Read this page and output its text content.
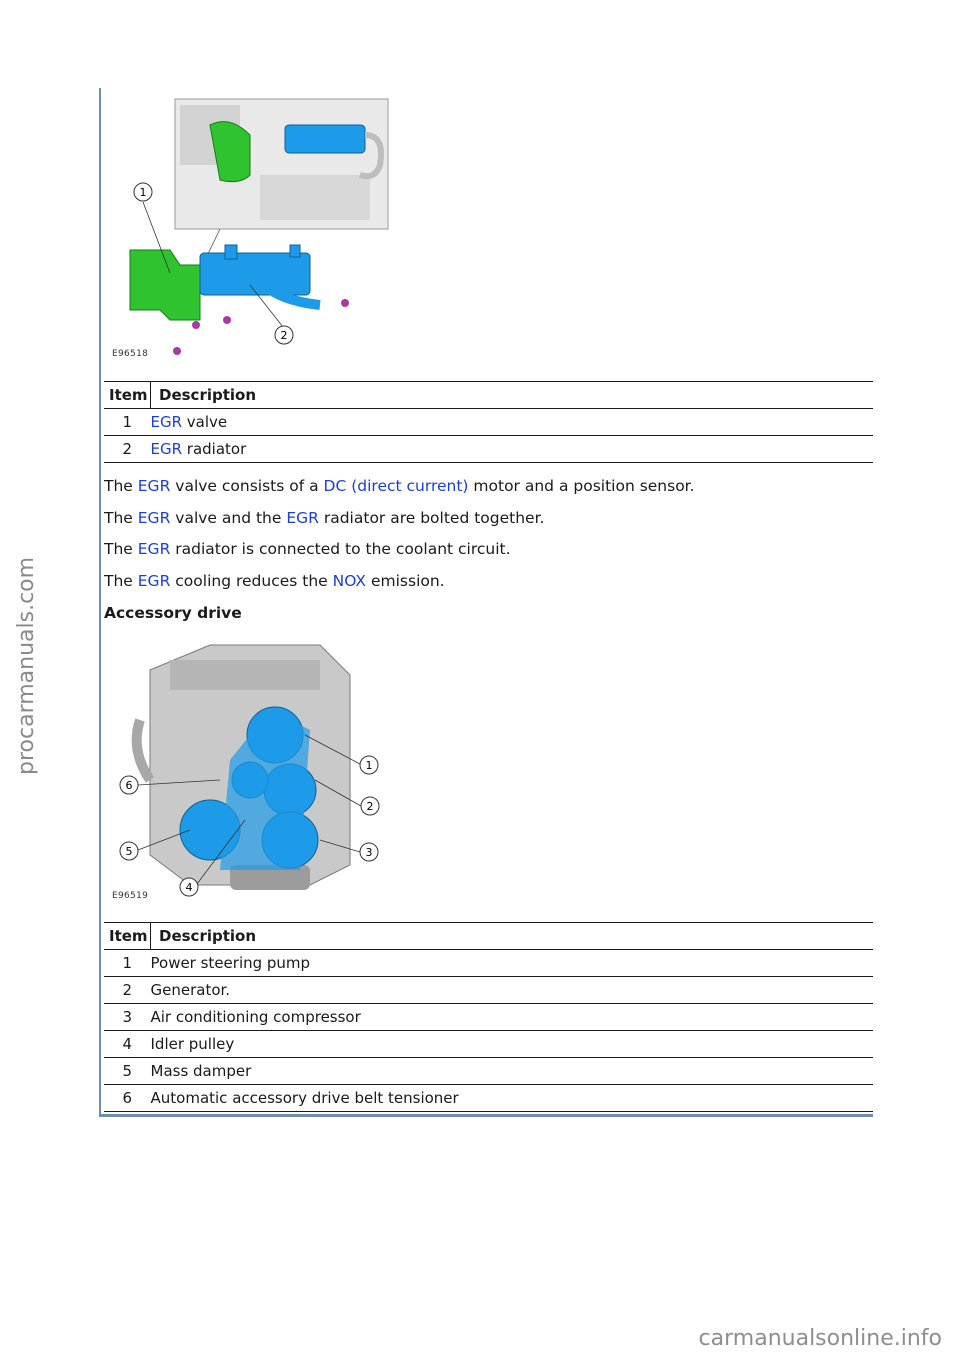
procarmanuals.com
carmanualsonline.info
1
2
E96518
Item	Description
1	EGR valve
2	EGR radiator

The EGR valve consists of a DC (direct current) motor and a position sensor.

The EGR valve and the EGR radiator are bolted together.

The EGR radiator is connected to the coolant circuit.

The EGR cooling reduces the NOX emission.

Accessory drive
1
2
3
4
5
6
E96519
Item	Description
1	Power steering pump
2	Generator.
3	Air conditioning compressor
4	Idler pulley
5	Mass damper
6	Automatic accessory drive belt tensioner
